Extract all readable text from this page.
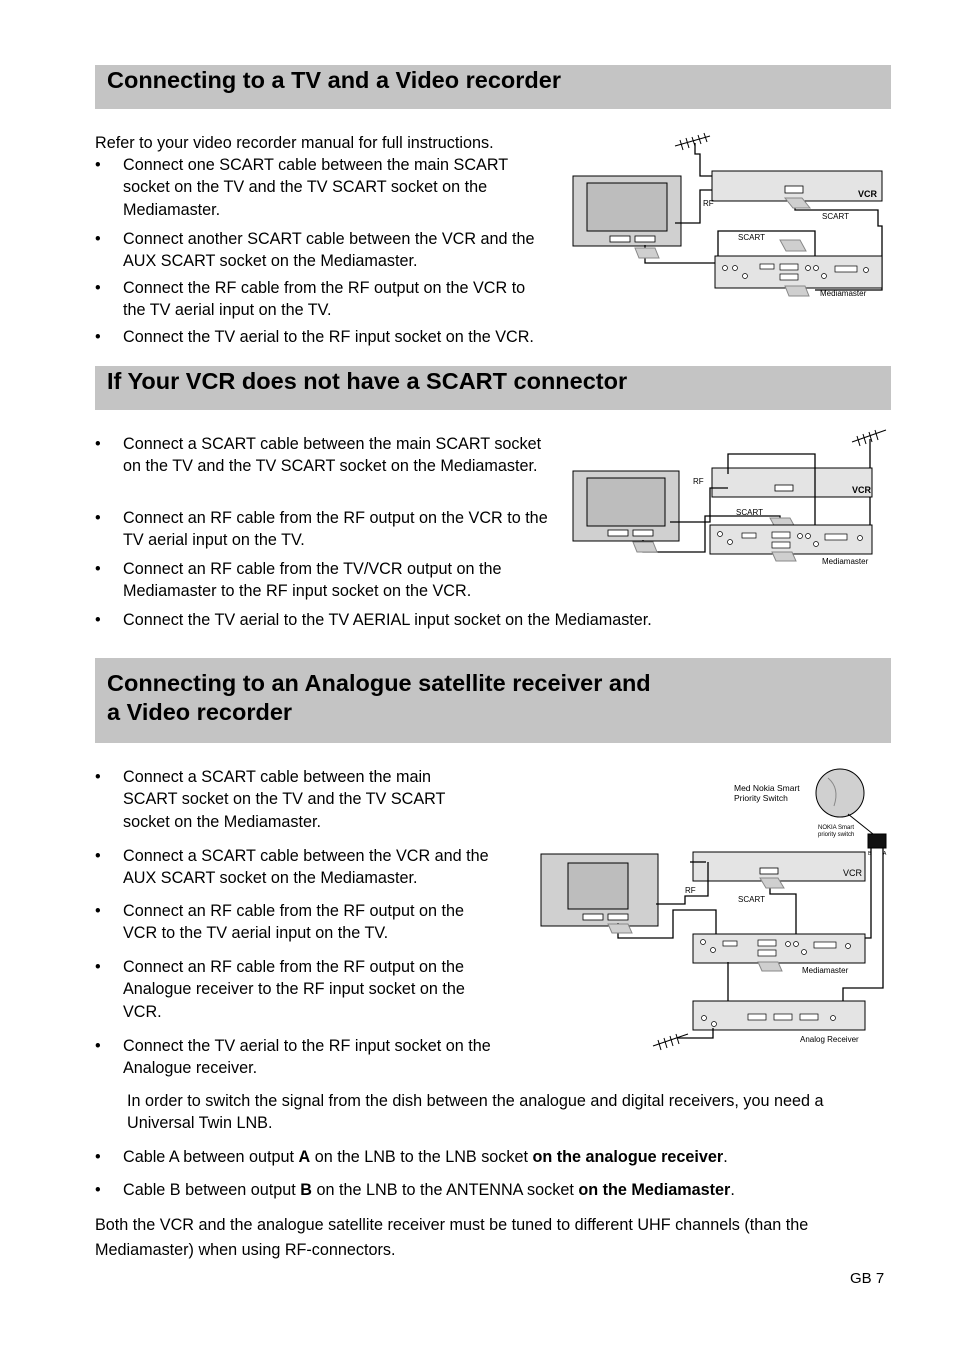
Connecting to a TV and a Video recorder
Refer to your video recorder manual for full instructions.
•	Connect one SCART cable between the main SCART socket on the TV and the TV SCART socket on the Mediamaster.
•	Connect another SCART cable between the VCR and the AUX SCART socket on the Mediamaster.
•	Connect the RF cable from the RF output on the VCR to the TV aerial input on the TV.
•	Connect the TV aerial to the RF input socket on the VCR.
VCR
RF
SCART
SCART
Mediamaster
If Your VCR does not have a SCART connector
•	Connect a SCART cable between the main SCART socket on the TV and the TV SCART socket on the Mediamaster.
•	Connect an RF cable from the RF output on the VCR to the TV aerial input on the TV.
•	Connect an RF cable from the TV/VCR output on the Mediamaster to the RF input socket on the VCR.
•	Connect the TV aerial to the TV AERIAL input socket on the Mediamaster.
VCR
RF
SCART
Mediamaster
Connecting to an Analogue satellite receiver and
a Video recorder
•	Connect a SCART cable between the main SCART socket on the TV and the TV SCART socket on the Mediamaster.
•	Connect a SCART cable between the VCR and the AUX SCART socket on the Mediamaster.
•	Connect an RF cable from the RF output on the VCR to the TV aerial input on the TV.
•	Connect an RF cable from the RF output on the Analogue receiver to the RF input socket on the VCR.
•	Connect the TV aerial to the RF input socket on the Analogue receiver.
In order to switch the signal from the dish between the analogue and digital receivers, you need a Universal Twin LNB.
•	Cable A between output A on the LNB to the LNB socket on the analogue receiver.
•	Cable B between output B on the LNB to the ANTENNA socket on the Mediamaster.
Both the VCR and the analogue satellite receiver must be tuned to different UHF channels (than the Mediamaster) when using RF-connectors.
Med Nokia Smart
Priority Switch
NOKIA Smart
priority switch
B A
VCR
RF
SCART
Mediamaster
Analog Receiver
GB 7
